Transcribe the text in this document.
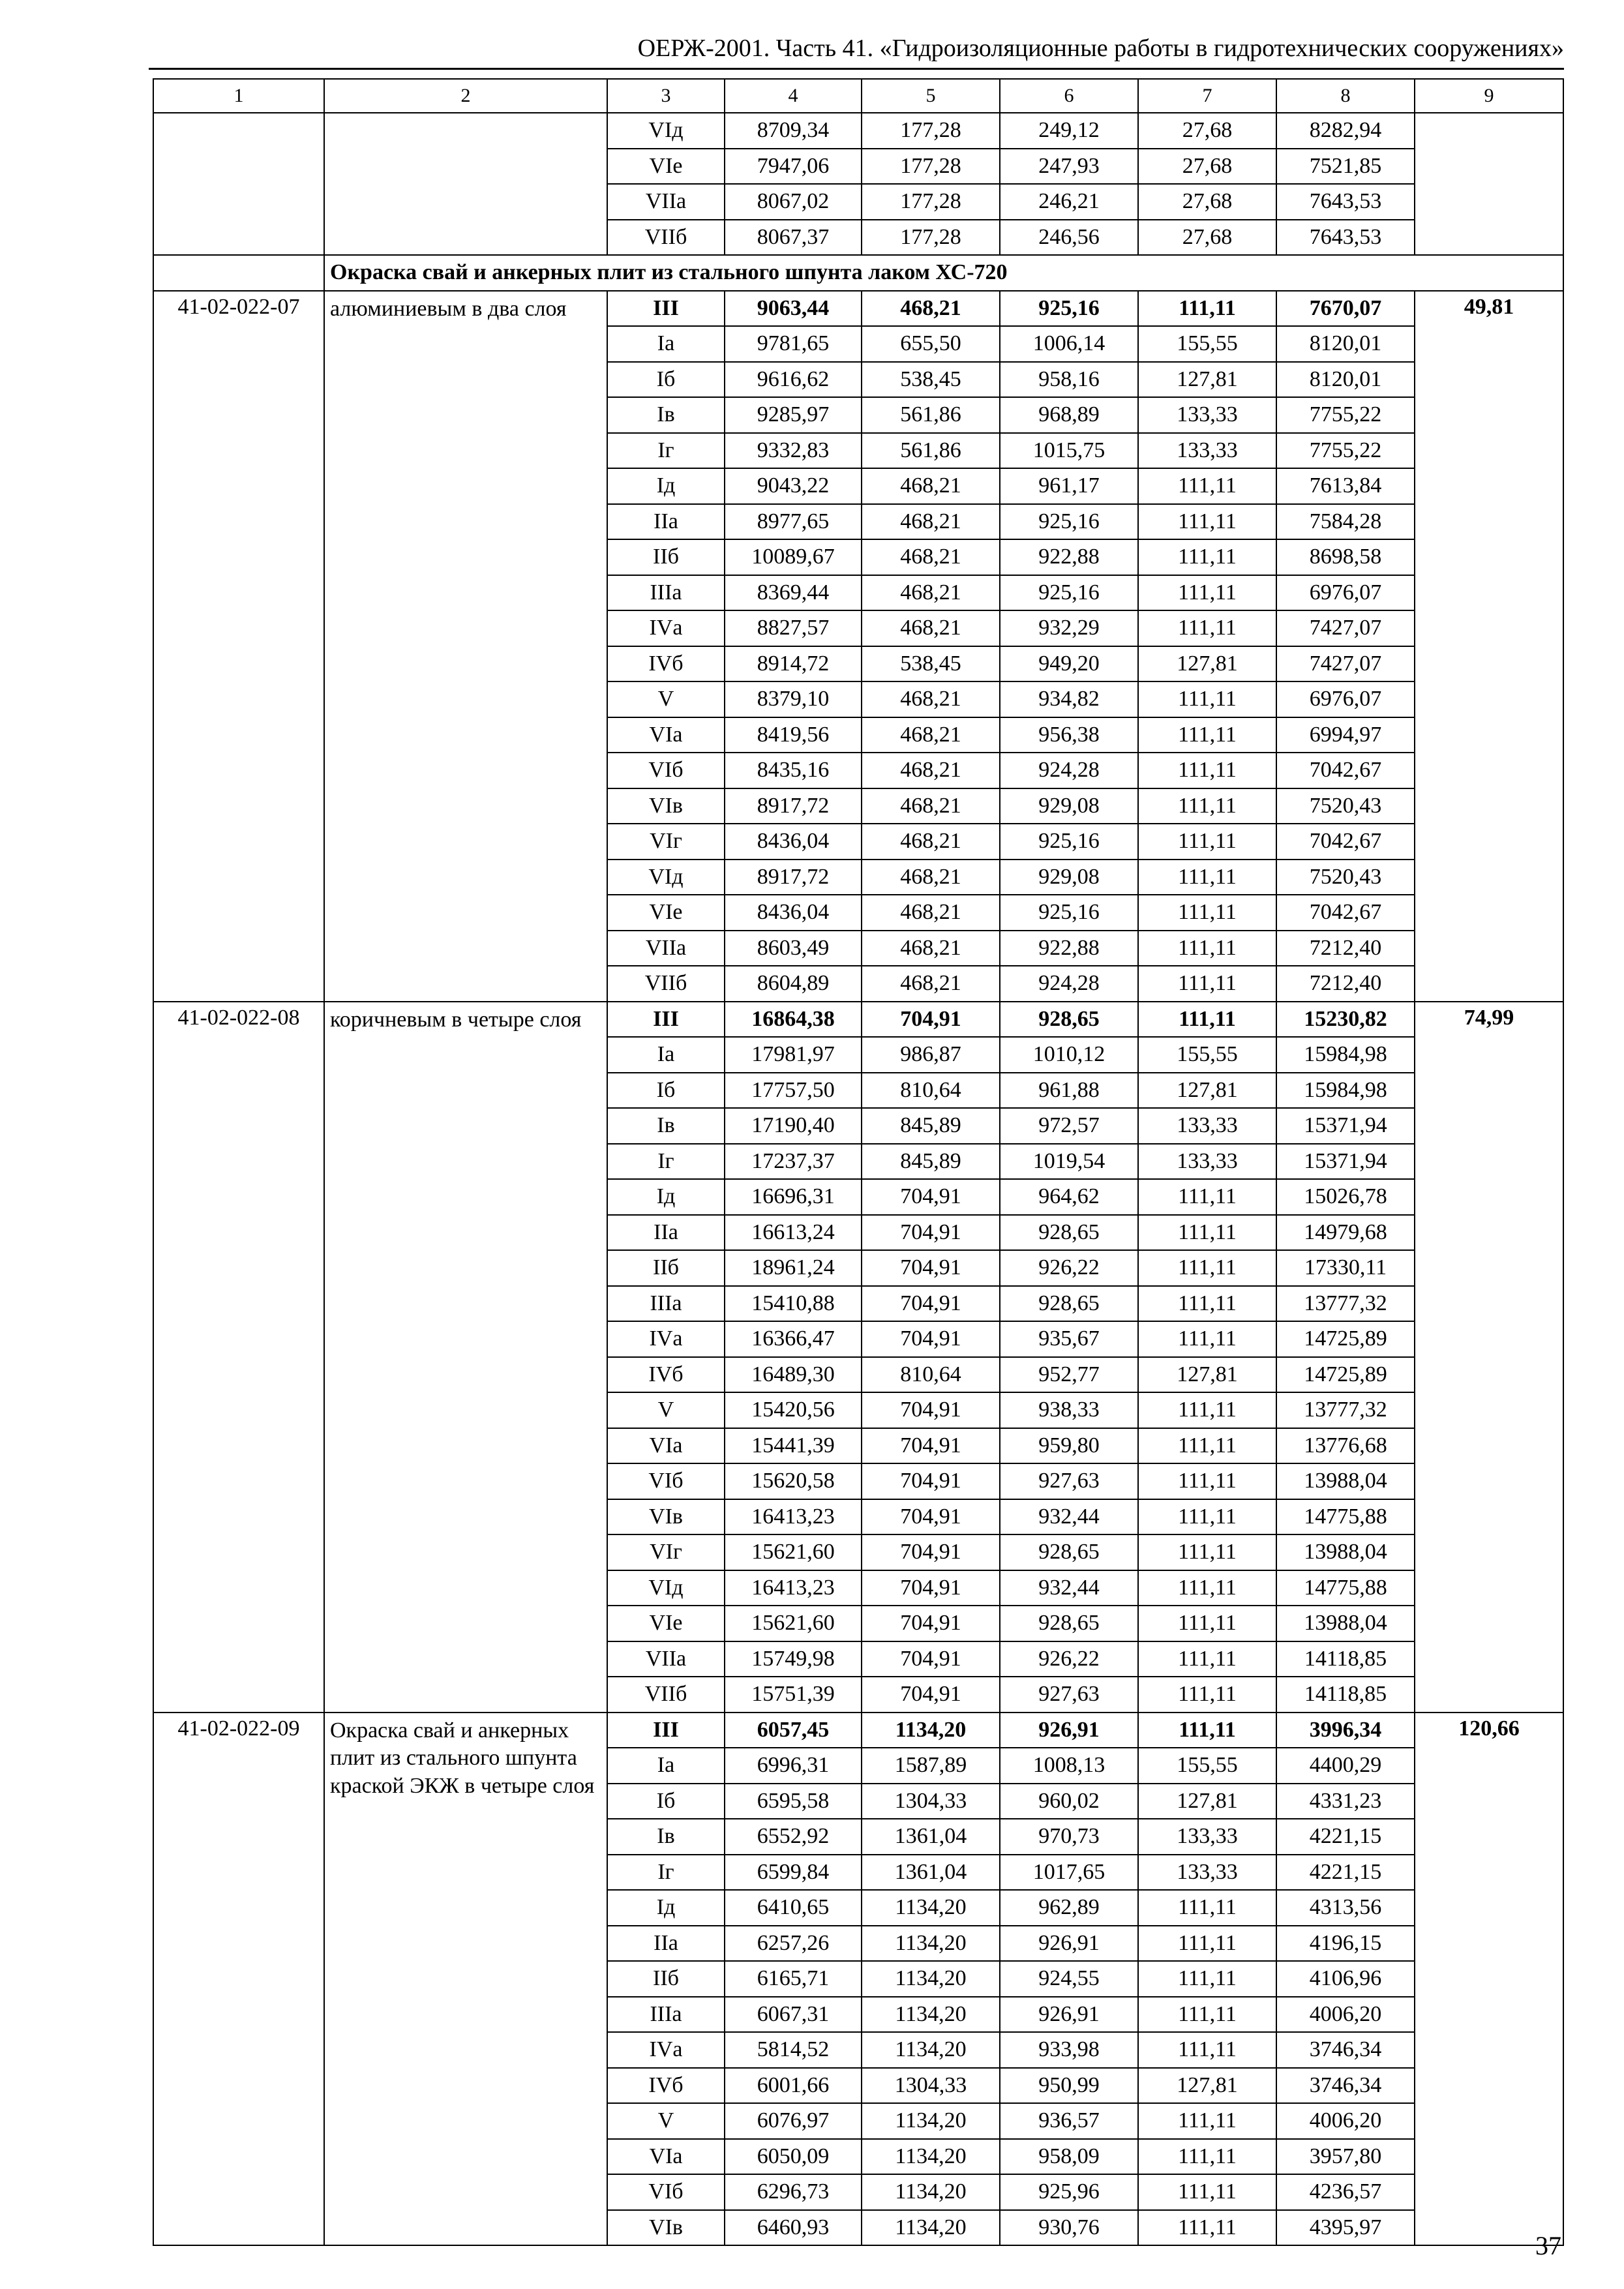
ОЕРЖ-2001. Часть 41. «Гидроизоляционные работы в гидротехнических сооружениях»
1	2	3	4	5	6	7	8	9
		VIд	8709,34	177,28	249,12	27,68	8282,94	
		VIе	7947,06	177,28	247,93	27,68	7521,85	
		VIIа	8067,02	177,28	246,21	27,68	7643,53	
		VIIб	8067,37	177,28	246,56	27,68	7643,53	
	Окраска свай и анкерных плит из стального шпунта лаком ХС-720							
41-02-022-07	алюминиевым в два слоя	III	9063,44	468,21	925,16	111,11	7670,07	49,81
		Iа	9781,65	655,50	1006,14	155,55	8120,01	
		Iб	9616,62	538,45	958,16	127,81	8120,01	
		Iв	9285,97	561,86	968,89	133,33	7755,22	
		Iг	9332,83	561,86	1015,75	133,33	7755,22	
		Iд	9043,22	468,21	961,17	111,11	7613,84	
		IIа	8977,65	468,21	925,16	111,11	7584,28	
		IIб	10089,67	468,21	922,88	111,11	8698,58	
		IIIа	8369,44	468,21	925,16	111,11	6976,07	
		IVа	8827,57	468,21	932,29	111,11	7427,07	
		IVб	8914,72	538,45	949,20	127,81	7427,07	
		V	8379,10	468,21	934,82	111,11	6976,07	
		VIа	8419,56	468,21	956,38	111,11	6994,97	
		VIб	8435,16	468,21	924,28	111,11	7042,67	
		VIв	8917,72	468,21	929,08	111,11	7520,43	
		VIг	8436,04	468,21	925,16	111,11	7042,67	
		VIд	8917,72	468,21	929,08	111,11	7520,43	
		VIе	8436,04	468,21	925,16	111,11	7042,67	
		VIIа	8603,49	468,21	922,88	111,11	7212,40	
		VIIб	8604,89	468,21	924,28	111,11	7212,40	
41-02-022-08	коричневым в четыре слоя	III	16864,38	704,91	928,65	111,11	15230,82	74,99
		Iа	17981,97	986,87	1010,12	155,55	15984,98	
		Iб	17757,50	810,64	961,88	127,81	15984,98	
		Iв	17190,40	845,89	972,57	133,33	15371,94	
		Iг	17237,37	845,89	1019,54	133,33	15371,94	
		Iд	16696,31	704,91	964,62	111,11	15026,78	
		IIа	16613,24	704,91	928,65	111,11	14979,68	
		IIб	18961,24	704,91	926,22	111,11	17330,11	
		IIIа	15410,88	704,91	928,65	111,11	13777,32	
		IVа	16366,47	704,91	935,67	111,11	14725,89	
		IVб	16489,30	810,64	952,77	127,81	14725,89	
		V	15420,56	704,91	938,33	111,11	13777,32	
		VIа	15441,39	704,91	959,80	111,11	13776,68	
		VIб	15620,58	704,91	927,63	111,11	13988,04	
		VIв	16413,23	704,91	932,44	111,11	14775,88	
		VIг	15621,60	704,91	928,65	111,11	13988,04	
		VIд	16413,23	704,91	932,44	111,11	14775,88	
		VIе	15621,60	704,91	928,65	111,11	13988,04	
		VIIа	15749,98	704,91	926,22	111,11	14118,85	
		VIIб	15751,39	704,91	927,63	111,11	14118,85	
41-02-022-09	Окраска свай и анкерных плит из стального шпунта краской ЭКЖ в четыре слоя	III	6057,45	1134,20	926,91	111,11	3996,34	120,66
		Iа	6996,31	1587,89	1008,13	155,55	4400,29	
		Iб	6595,58	1304,33	960,02	127,81	4331,23	
		Iв	6552,92	1361,04	970,73	133,33	4221,15	
		Iг	6599,84	1361,04	1017,65	133,33	4221,15	
		Iд	6410,65	1134,20	962,89	111,11	4313,56	
		IIа	6257,26	1134,20	926,91	111,11	4196,15	
		IIб	6165,71	1134,20	924,55	111,11	4106,96	
		IIIа	6067,31	1134,20	926,91	111,11	4006,20	
		IVа	5814,52	1134,20	933,98	111,11	3746,34	
		IVб	6001,66	1304,33	950,99	127,81	3746,34	
		V	6076,97	1134,20	936,57	111,11	4006,20	
		VIа	6050,09	1134,20	958,09	111,11	3957,80	
		VIб	6296,73	1134,20	925,96	111,11	4236,57	
		VIв	6460,93	1134,20	930,76	111,11	4395,97	
37
